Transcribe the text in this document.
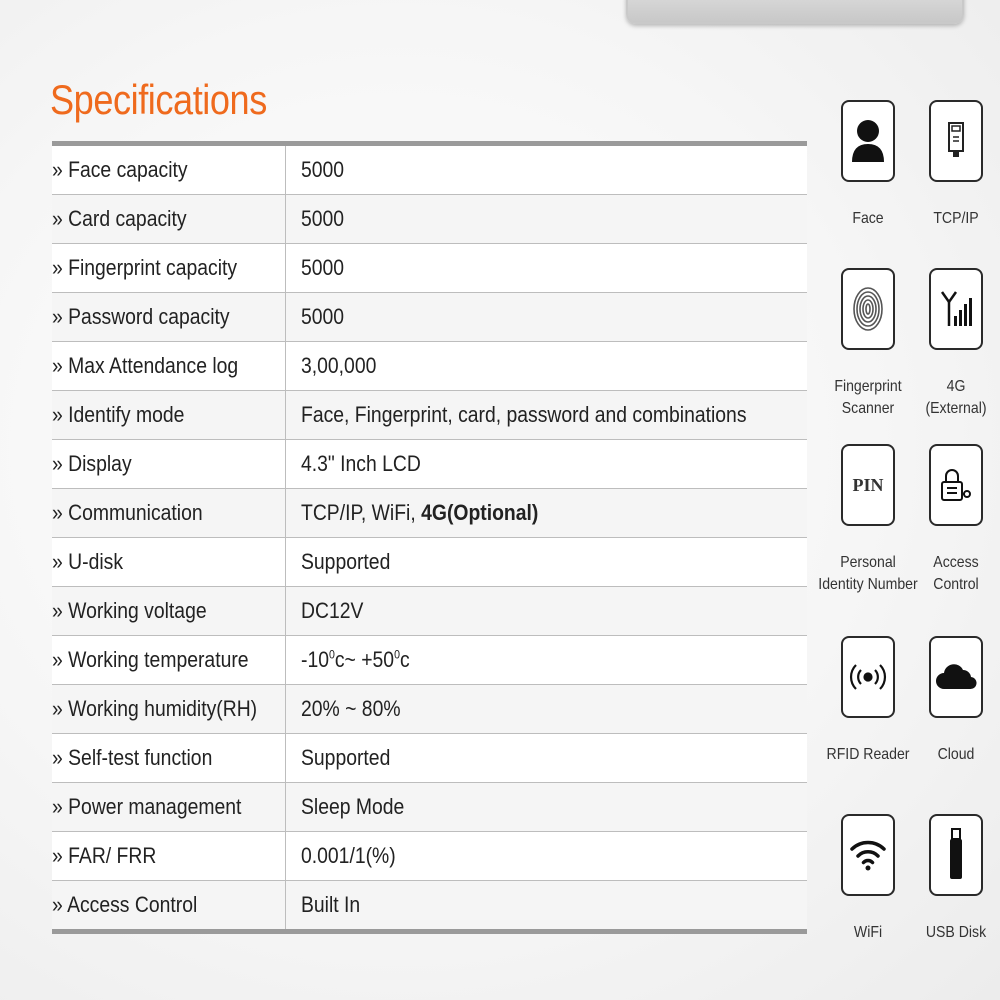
Specifications
» Face capacity	5000
» Card capacity	5000
» Fingerprint capacity	5000
» Password capacity	5000
» Max Attendance log	3,00,000
» Identify mode	Face, Fingerprint, card, password and combinations
» Display	4.3" Inch LCD
» Communication	TCP/IP, WiFi, 4G(Optional)
» U-disk	Supported
» Working voltage	DC12V
» Working temperature	$-10^0c\sim +50^0c$
» Working humidity(RH)	20% ~ 80%
» Self-test function	Supported
» Power management	Sleep Mode
» FAR/ FRR	0.001/1(%)
» Access Control	Built In
Face	TCP/IP
Fingerprint
Scanner
4G
(External)
PIN
Personal
Identity Number
Access
Control
RFID Reader	Cloud
WiFi	USB Disk
